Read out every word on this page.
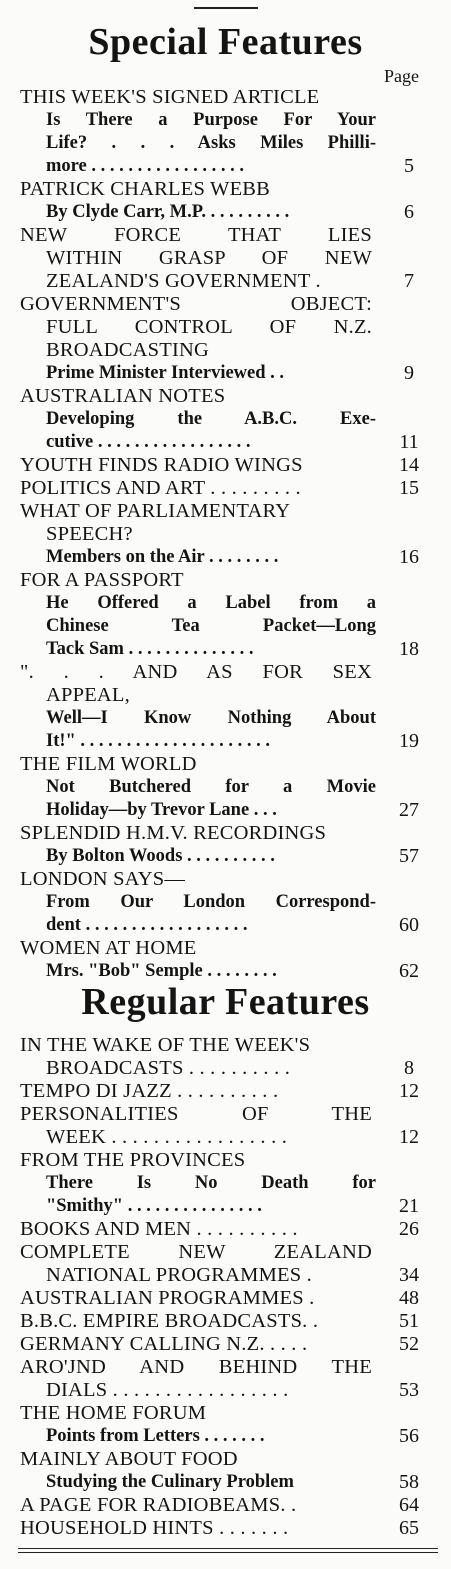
Special Features
Page
THIS WEEK'S SIGNED ARTICLE
Is There a Purpose For Your
Life? . . . Asks Miles Philli-
more . . . . . . . . . . . . . . . . .	5
PATRICK CHARLES WEBB
By Clyde Carr, M.P. . . . . . . . . .	6
NEW FORCE THAT LIES
WITHIN GRASP OF NEW
ZEALAND'S GOVERNMENT .	7
GOVERNMENT'S OBJECT:
FULL CONTROL OF N.Z.
BROADCASTING
Prime Minister Interviewed . .	9
AUSTRALIAN NOTES
Developing the A.B.C. Exe-
cutive . . . . . . . . . . . . . . . . .	11
YOUTH FINDS RADIO WINGS	14
POLITICS AND ART . . . . . . . . .	15
WHAT OF PARLIAMENTARY
SPEECH?
Members on the Air . . . . . . . .	16
FOR A PASSPORT
He Offered a Label from a
Chinese Tea Packet—Long
Tack Sam . . . . . . . . . . . . . .	18
". . . AND AS FOR SEX
APPEAL,
Well—I Know Nothing About
It!" . . . . . . . . . . . . . . . . . . . . .	19
THE FILM WORLD
Not Butchered for a Movie
Holiday—by Trevor Lane . . .	27
SPLENDID H.M.V. RECORDINGS
By Bolton Woods . . . . . . . . . .	57
LONDON SAYS—
From Our London Correspond-
dent . . . . . . . . . . . . . . . . . .	60
WOMEN AT HOME
Mrs. "Bob" Semple . . . . . . . .	62
Regular Features
IN THE WAKE OF THE WEEK'S
BROADCASTS . . . . . . . . . .	8
TEMPO DI JAZZ . . . . . . . . . .	12
PERSONALITIES OF THE
WEEK . . . . . . . . . . . . . . . . .	12
FROM THE PROVINCES
There Is No Death for
"Smithy" . . . . . . . . . . . . . . .	21
BOOKS AND MEN . . . . . . . . . .	26
COMPLETE NEW ZEALAND
NATIONAL PROGRAMMES .	34
AUSTRALIAN PROGRAMMES .	48
B.B.C. EMPIRE BROADCASTS. .	51
GERMANY CALLING N.Z. . . . .	52
ARO'JND AND BEHIND THE
DIALS . . . . . . . . . . . . . . . . .	53
THE HOME FORUM
Points from Letters . . . . . . .	56
MAINLY ABOUT FOOD
Studying the Culinary Problem	58
A PAGE FOR RADIOBEAMS. .	64
HOUSEHOLD HINTS . . . . . . .	65
